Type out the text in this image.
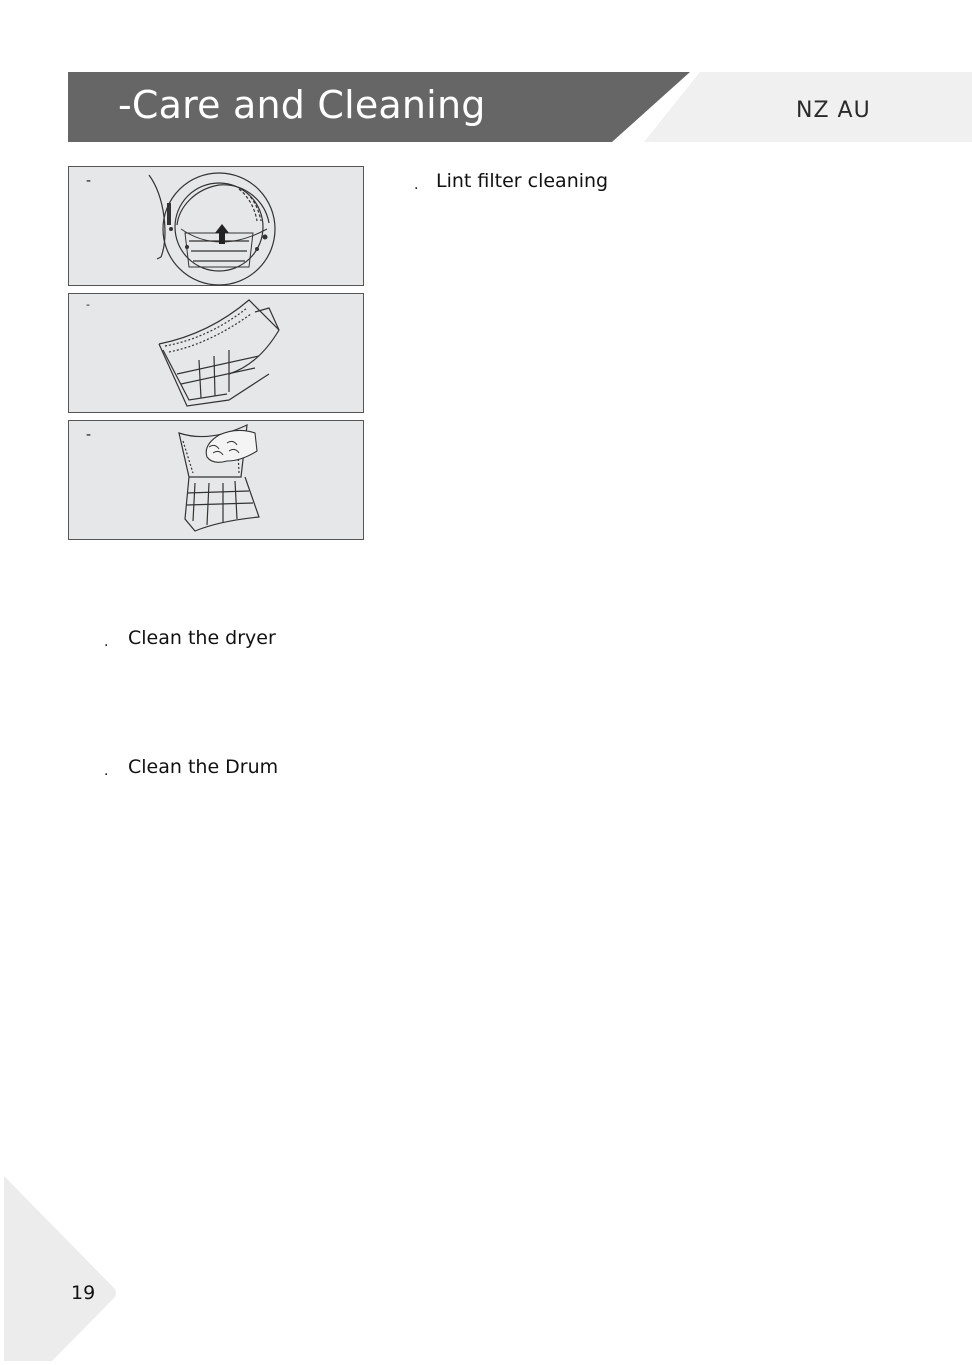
-Care and Cleaning	NZ AU
-
-
-
. Lint filter cleaning
. Clean the dryer
. Clean the Drum
19
